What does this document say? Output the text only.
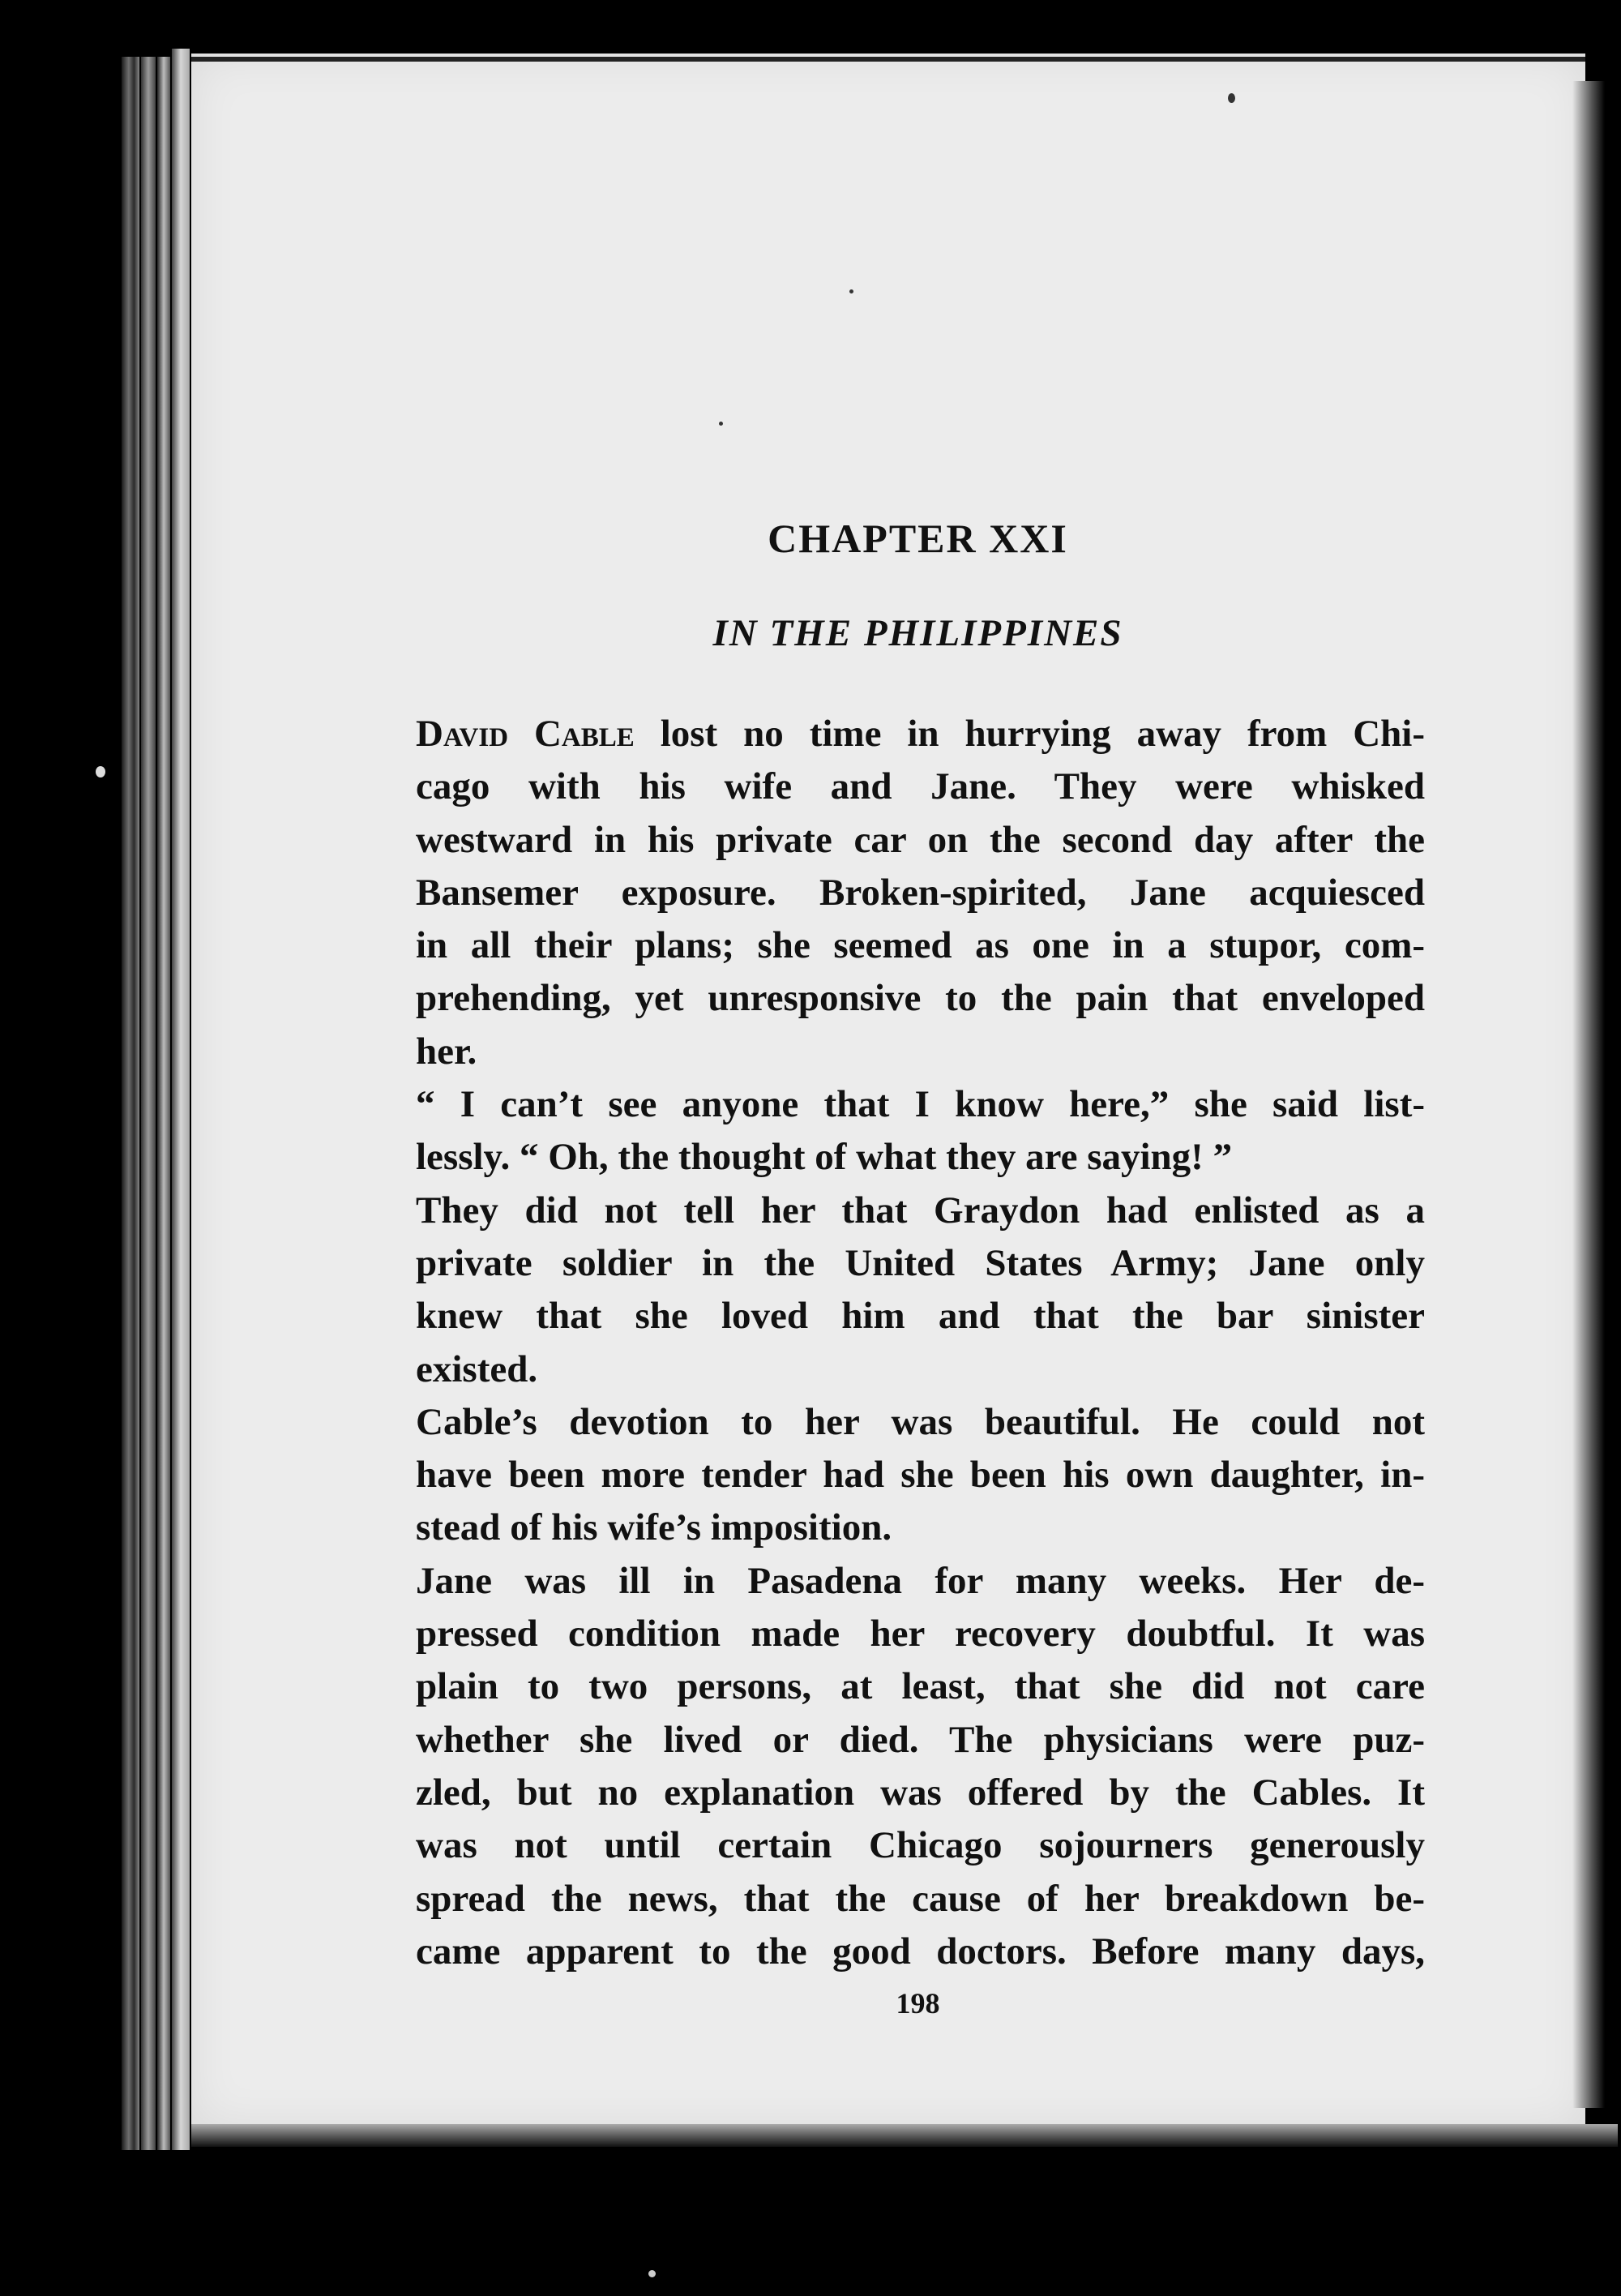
CHAPTER XXI
IN THE PHILIPPINES

David Cable lost no time in hurrying away from Chi-
cago with his wife and Jane. They were whisked
westward in his private car on the second day after the
Bansemer exposure. Broken-spirited, Jane acquiesced
in all their plans; she seemed as one in a stupor, com-
prehending, yet unresponsive to the pain that enveloped
her.

“ I can’t see anyone that I know here,” she said list-
lessly. “ Oh, the thought of what they are saying! ”

They did not tell her that Graydon had enlisted as a
private soldier in the United States Army; Jane only
knew that she loved him and that the bar sinister
existed.

Cable’s devotion to her was beautiful. He could not
have been more tender had she been his own daughter, in-
stead of his wife’s imposition.

Jane was ill in Pasadena for many weeks. Her de-
pressed condition made her recovery doubtful. It was
plain to two persons, at least, that she did not care
whether she lived or died. The physicians were puz-
zled, but no explanation was offered by the Cables. It
was not until certain Chicago sojourners generously
spread the news, that the cause of her breakdown be-
came apparent to the good doctors. Before many days,

198
